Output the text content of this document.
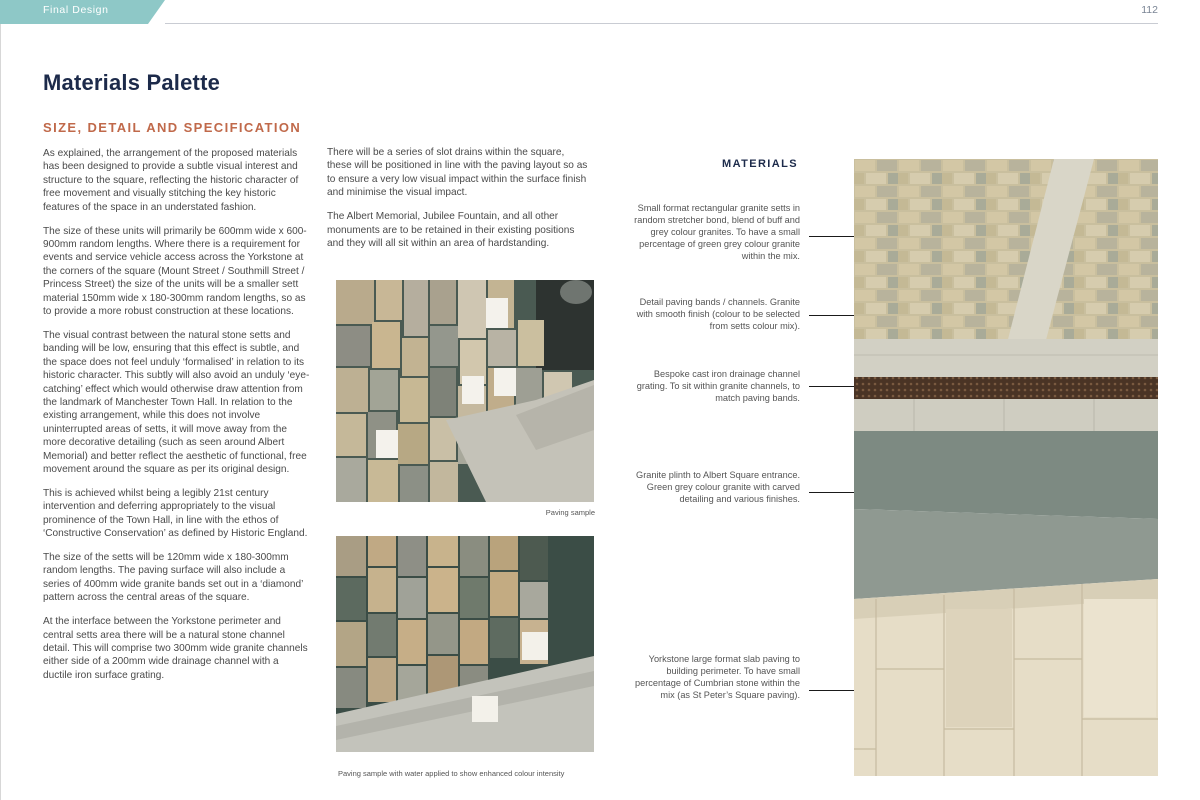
Final Design	112
Materials Palette
SIZE, DETAIL AND SPECIFICATION

As explained, the arrangement of the proposed materials has been designed to provide a subtle visual interest and structure to the square, reflecting the historic character of free movement and visually stitching the key historic features of the space in an understated fashion.

The size of these units will primarily be 600mm wide x 600-900mm random lengths. Where there is a requirement for events and service vehicle access across the Yorkstone at the corners of the square (Mount Street / Southmill Street / Princess Street) the size of the units will be a smaller sett material 150mm wide x 180-300mm random lengths, so as to provide a more robust construction at these locations.

The visual contrast between the natural stone setts and banding will be low, ensuring that this effect is subtle, and the space does not feel unduly ‘formalised’ in relation to its historic character. This subtly will also avoid an unduly ‘eye-catching’ effect which would otherwise draw attention from the landmark of Manchester Town Hall. In relation to the existing arrangement, while this does not involve uninterrupted areas of setts, it will move away from the more decorative detailing (such as seen around Albert Memorial) and better reflect the aesthetic of functional, free movement around the square as per its original design.

This is achieved whilst being a legibly 21st century intervention and deferring appropriately to the visual prominence of the Town Hall, in line with the ethos of ‘Constructive Conservation’ as defined by Historic England.

The size of the setts will be 120mm wide x 180-300mm random lengths. The paving surface will also include a series of 400mm wide granite bands set out in a ‘diamond’ pattern across the central areas of the square.

At the interface between the Yorkstone perimeter and central setts area there will be a natural stone channel detail. This will comprise two 300mm wide granite channels either side of a 200mm wide drainage channel with a ductile iron surface grating.

There will be a series of slot drains within the square, these will be positioned in line with the paving layout so as to ensure a very low visual impact within the surface finish and minimise the visual impact.

The Albert Memorial, Jubilee Fountain, and all other monuments are to be retained in their existing positions and they will all sit within an area of hardstanding.

Paving sample
Paving sample with water applied to show enhanced colour intensity
MATERIALS
Small format rectangular granite setts in random stretcher bond, blend of buff and grey colour granites. To have a small percentage of green grey colour granite within the mix.
Detail paving bands / channels. Granite with smooth finish (colour to be selected from setts colour mix).
Bespoke cast iron drainage channel grating. To sit within granite channels, to match paving bands.
Granite plinth to Albert Square entrance. Green grey colour granite with carved detailing and various finishes.
Yorkstone large format slab paving to building perimeter. To have small percentage of Cumbrian stone within the mix (as St Peter’s Square paving).
